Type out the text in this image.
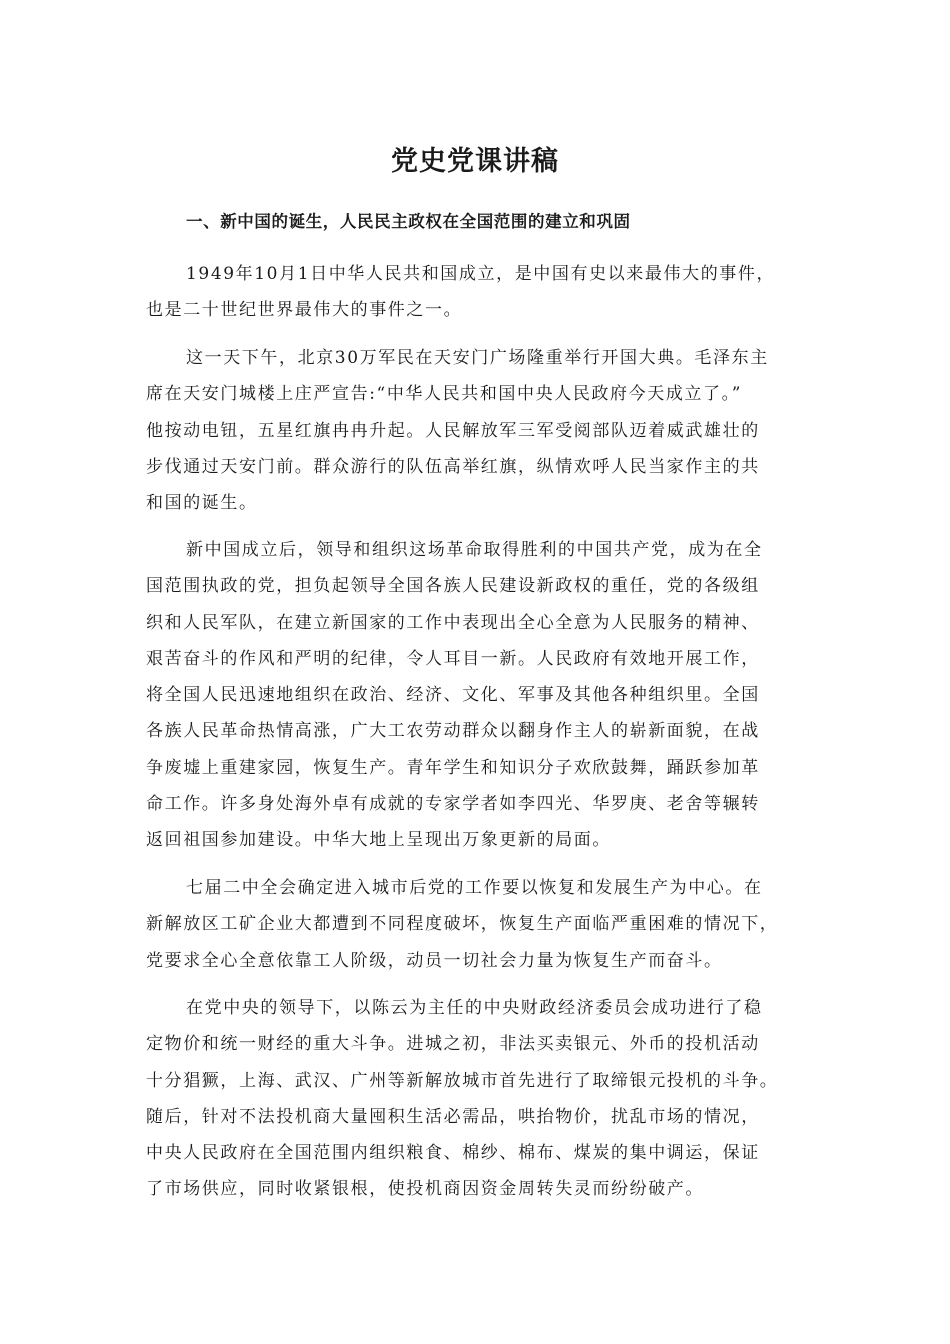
党史党课讲稿
一、新中国的诞生，人民民主政权在全国范围的建立和巩固

1949年10月1日中华人民共和国成立，是中国有史以来最伟大的事件，
也是二十世纪世界最伟大的事件之一。

这一天下午，北京30万军民在天安门广场隆重举行开国大典。毛泽东主
席在天安门城楼上庄严宣告:“中华人民共和国中央人民政府今天成立了。”
他按动电钮，五星红旗冉冉升起。人民解放军三军受阅部队迈着威武雄壮的
步伐通过天安门前。群众游行的队伍高举红旗，纵情欢呼人民当家作主的共
和国的诞生。

新中国成立后，领导和组织这场革命取得胜利的中国共产党，成为在全
国范围执政的党，担负起领导全国各族人民建设新政权的重任，党的各级组
织和人民军队，在建立新国家的工作中表现出全心全意为人民服务的精神、
艰苦奋斗的作风和严明的纪律，令人耳目一新。人民政府有效地开展工作，
将全国人民迅速地组织在政治、经济、文化、军事及其他各种组织里。全国
各族人民革命热情高涨，广大工农劳动群众以翻身作主人的崭新面貌，在战
争废墟上重建家园，恢复生产。青年学生和知识分子欢欣鼓舞，踊跃参加革
命工作。许多身处海外卓有成就的专家学者如李四光、华罗庚、老舍等辗转
返回祖国参加建设。中华大地上呈现出万象更新的局面。

七届二中全会确定进入城市后党的工作要以恢复和发展生产为中心。在
新解放区工矿企业大都遭到不同程度破坏，恢复生产面临严重困难的情况下，
党要求全心全意依靠工人阶级，动员一切社会力量为恢复生产而奋斗。

在党中央的领导下，以陈云为主任的中央财政经济委员会成功进行了稳
定物价和统一财经的重大斗争。进城之初，非法买卖银元、外币的投机活动
十分猖獗，上海、武汉、广州等新解放城市首先进行了取缔银元投机的斗争。
随后，针对不法投机商大量囤积生活必需品，哄抬物价，扰乱市场的情况，
中央人民政府在全国范围内组织粮食、棉纱、棉布、煤炭的集中调运，保证
了市场供应，同时收紧银根，使投机商因资金周转失灵而纷纷破产。
